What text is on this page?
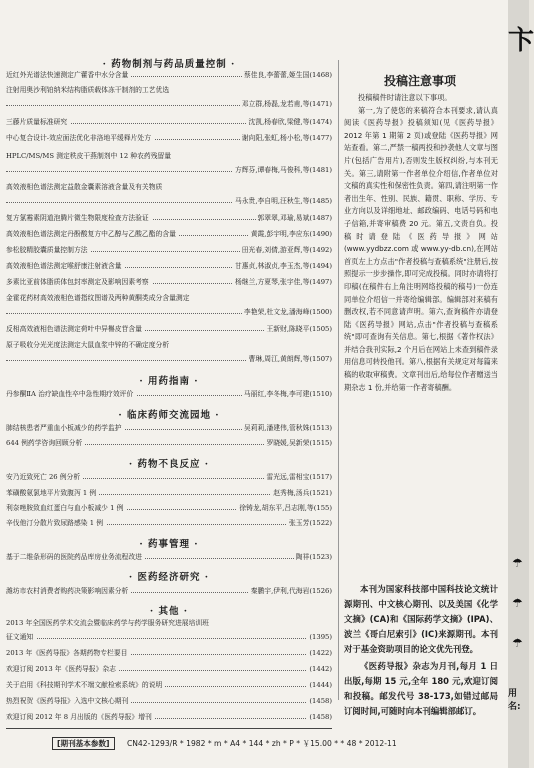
· 药物制剂与药品质量控制 ·
近红外光谱法快速测定广藿香中水分含量	蔡佳良,李蕾蕾,姬生国(1468)
注射用奥沙利铂纳米结构脂质载体冻干制剂的工艺优选
邓立群,杨磊,龙若甫,等(1471)
三藤片质量标准研究	沈凯,杨春欣,梁健,等(1474)
中心复合设计-效应面法优化非洛地平缓释片处方	谢向阳,张虹,杨小松,等(1477)
HPLC/MS/MS 测定秩皮干燕制剂中 12 种农药残留量
方辉芬,谭春梅,马俊科,等(1481)
高效液相色谱法测定益散金囊素溶液含量及有关物质
马永贵,李自明,汪秋生,等(1485)
复方氯霉素阴道泡腾片微生物限度检查方法验证	郭翠翠,邓瑜,易斌(1487)
高效液相色谱法测定丹酚酸复方中乙醇与乙酸乙酯的含量	黄霞,彭宇明,李应东(1490)
参松胶精胶囊质量控制方法	田光春,刘倩,游亚辉,等(1492)
高效液相色谱法测定喉舒康注射液含量	甘惠贞,林淑贞,李玉杰,等(1494)
多素比亚前体脂质体包封率测定及影响因素考察	杨继兰,方夏琴,张宇佳,等(1497)
金霍花药材高效液相色谱指纹图谱及两种黄酮类成分含量测定
李艳荣,杜文龙,潘海峰(1500)
反相高效液相色谱法测定荷叶中异槲皮苷含量	王新财,陈晓平(1505)
原子吸收分光光度法测定大鼠血浆中锌的不确定度分析
曹琳,周江,黄朗辉,等(1507)
· 用药指南 ·
丹参酮ⅡA 治疗缺血性卒中急性期疗效评价	马丽红,李冬梅,李可建(1510)
· 临床药师交流园地 ·
肺结核患者严重血小板减少的药学监护	吴莉莉,潘建伟,管秋姝(1513)
644 例药学咨询回顾分析	罗晓媛,吴新荣(1515)
· 药物不良反应 ·
安乃近致死亡 26 例分析	雷光远,雷相宝(1517)
苯磺酸氨氯地平片致腹泻 1 例	赵秀梅,汤兵(1521)
利奈唑胺致血红蛋白与血小板减少 1 例	徐铸龙,胡东平,吕志刚,等(155)
辛伐他汀分散片致尿路感染 1 例	张玉芳(1522)
· 药事管理 ·
基于二维条形码的医院药品库房业务流程改进	陶祥(1523)
· 医药经济研究 ·
潍坊市农村消费者购药决策影响因素分析	秦鹏宇,伊利,代海岩(1526)
· 其他 ·
2013 年全国医药学术交流会暨临床药学与药学服务研究进展培训班
征文通知	(1395)
2013 年《医药导报》各期药物专栏要目	(1422)
欢迎订阅 2013 年《医药导报》杂志	(1442)
关于启用《科技期刊学术不端文献检索系统》的说明	(1444)
热烈祝贺《医药导报》入选中文核心期刊	(1458)
欢迎订阅 2012 年 8 月出版的《医药导报》增刊	(1458)
投稿注意事项

投稿稿件时请注意以下事项。

第一,为了使您的来稿符合本刊要求,请认真阅读《医药导报》投稿须知(见《医药导报》2012 年第 1 期第 2 页)或登陆《医药导报》网站查看。第二,严禁一稿两投和抄袭他人文章与图片(包括广告用片),否则发生版权纠纷,与本刊无关。第三,请附第一作者单位介绍信,作者单位对文稿的真实性和保密性负责。第四,请注明第一作者出生年、性别、民族、籍贯、职称、学历、专业方向以及详细地址、邮政编码、电话号码和电子信箱,并寄审稿费 20 元。第五,文责自负。投稿时请登陆《医药导报》网站(www.yydbzz.com 或 www.yy-db.cn),在网站首页左上方点击"作者投稿与查稿系统"注册后,按照提示一步步操作,即可完成投稿。同时亦请将打印稿(在稿件右上角注明网络投稿的稿号)一份连同单位介绍信一并寄给编辑部。编辑部对来稿有删改权,若不同意请声明。第六,查询稿件亦请登陆《医药导报》网站,点击"作者投稿与查稿系统"即可查询有关信息。第七,根据《著作权法》并结合我刊实际,2 个月后在网站上未查到稿件录用信息可转投他刊。第八,根据有关规定对每篇来稿的收取审稿费。文章刊出后,给每位作者赠送当期杂志 1 份,并给第一作者寄稿酬。

本刊为国家科技部中国科技论文统计源期刊、中文核心期刊、以及美国《化学文摘》(CA)和《国际药学文摘》(IPA)、波兰《哥白尼索引》(IC)来源期刊。本刊对于基金资助项目的论文优先刊登。

《医药导报》杂志为月刊,每月 1 日出版,每期 15 元,全年 180 元,欢迎订阅和投稿。邮发代号 38-173,如错过邮局订阅时间,可随时向本刊编辑部邮订。

[期刊基本参数] CN42-1293/R * 1982 * m * A4 * 144 * zh * P * ￥15.00 * * 48 * 2012-11
卞
☂
☂
☂
用名:
